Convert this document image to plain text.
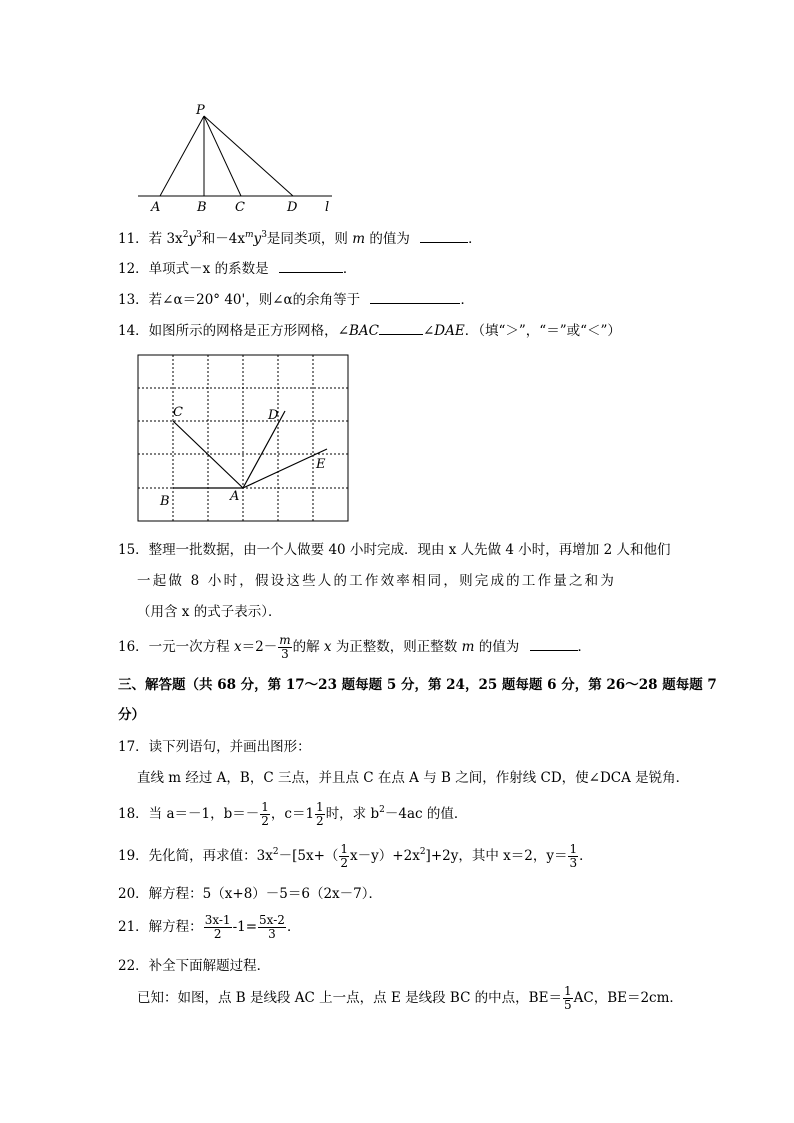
P
A	B C	D l
11．若 $3x^2y^3$和$-4x^my^3$是同类项，则 m 的值为	．
12．单项式－x 的系数是	．
13．若∠α＝20° 40'，则∠α的余角等于	．
14．如图所示的网格是正方形网格，∠BAC	∠DAE．（填“＞”，“＝”或“＜”）
C	D
E
B	A
15．整理一批数据，由一个人做要 40 小时完成．现由 x 人先做 4 小时，再增加 2 人和他们
一起做 8 小时，假设这些人的工作效率相同，则完成的工作量之和为
（用含 x 的式子表示）．
16．一元一次方程 $x=2- \frac{m}{3}$ 的解 x 为正整数，则正整数 m 的值为	．
三、解答题（共 68 分，第 17～23 题每题 5 分，第 24，25 题每题 6 分，第 26～28 题每题 7
分）
17．读下列语句，并画出图形：
直线 m 经过 A，B，C 三点，并且点 C 在点 A 与 B 之间，作射线 CD，使∠DCA 是锐角．
18．当 a＝－1，$b=- \frac{1}{2}$ ，$c=1 \frac{1}{2}$ 时，求 $b^2-4ac$ 的值．
19．先化简，再求值：$3x^2-[5x+( \frac{1}{2} x-y)+2x^2]+2y$，其中 x＝2，$y= \frac{1}{3}$ ．
20．解方程：5（x+8）－5＝6（2x－7）．
21．解方程： $\frac{3x-1}{2} -1= \frac{5x-2}{3}$ ．
22．补全下面解题过程．
已知：如图，点 B 是线段 AC 上一点，点 E 是线段 BC 的中点，$BE= \frac{1}{5}$ AC，BE＝2cm．
